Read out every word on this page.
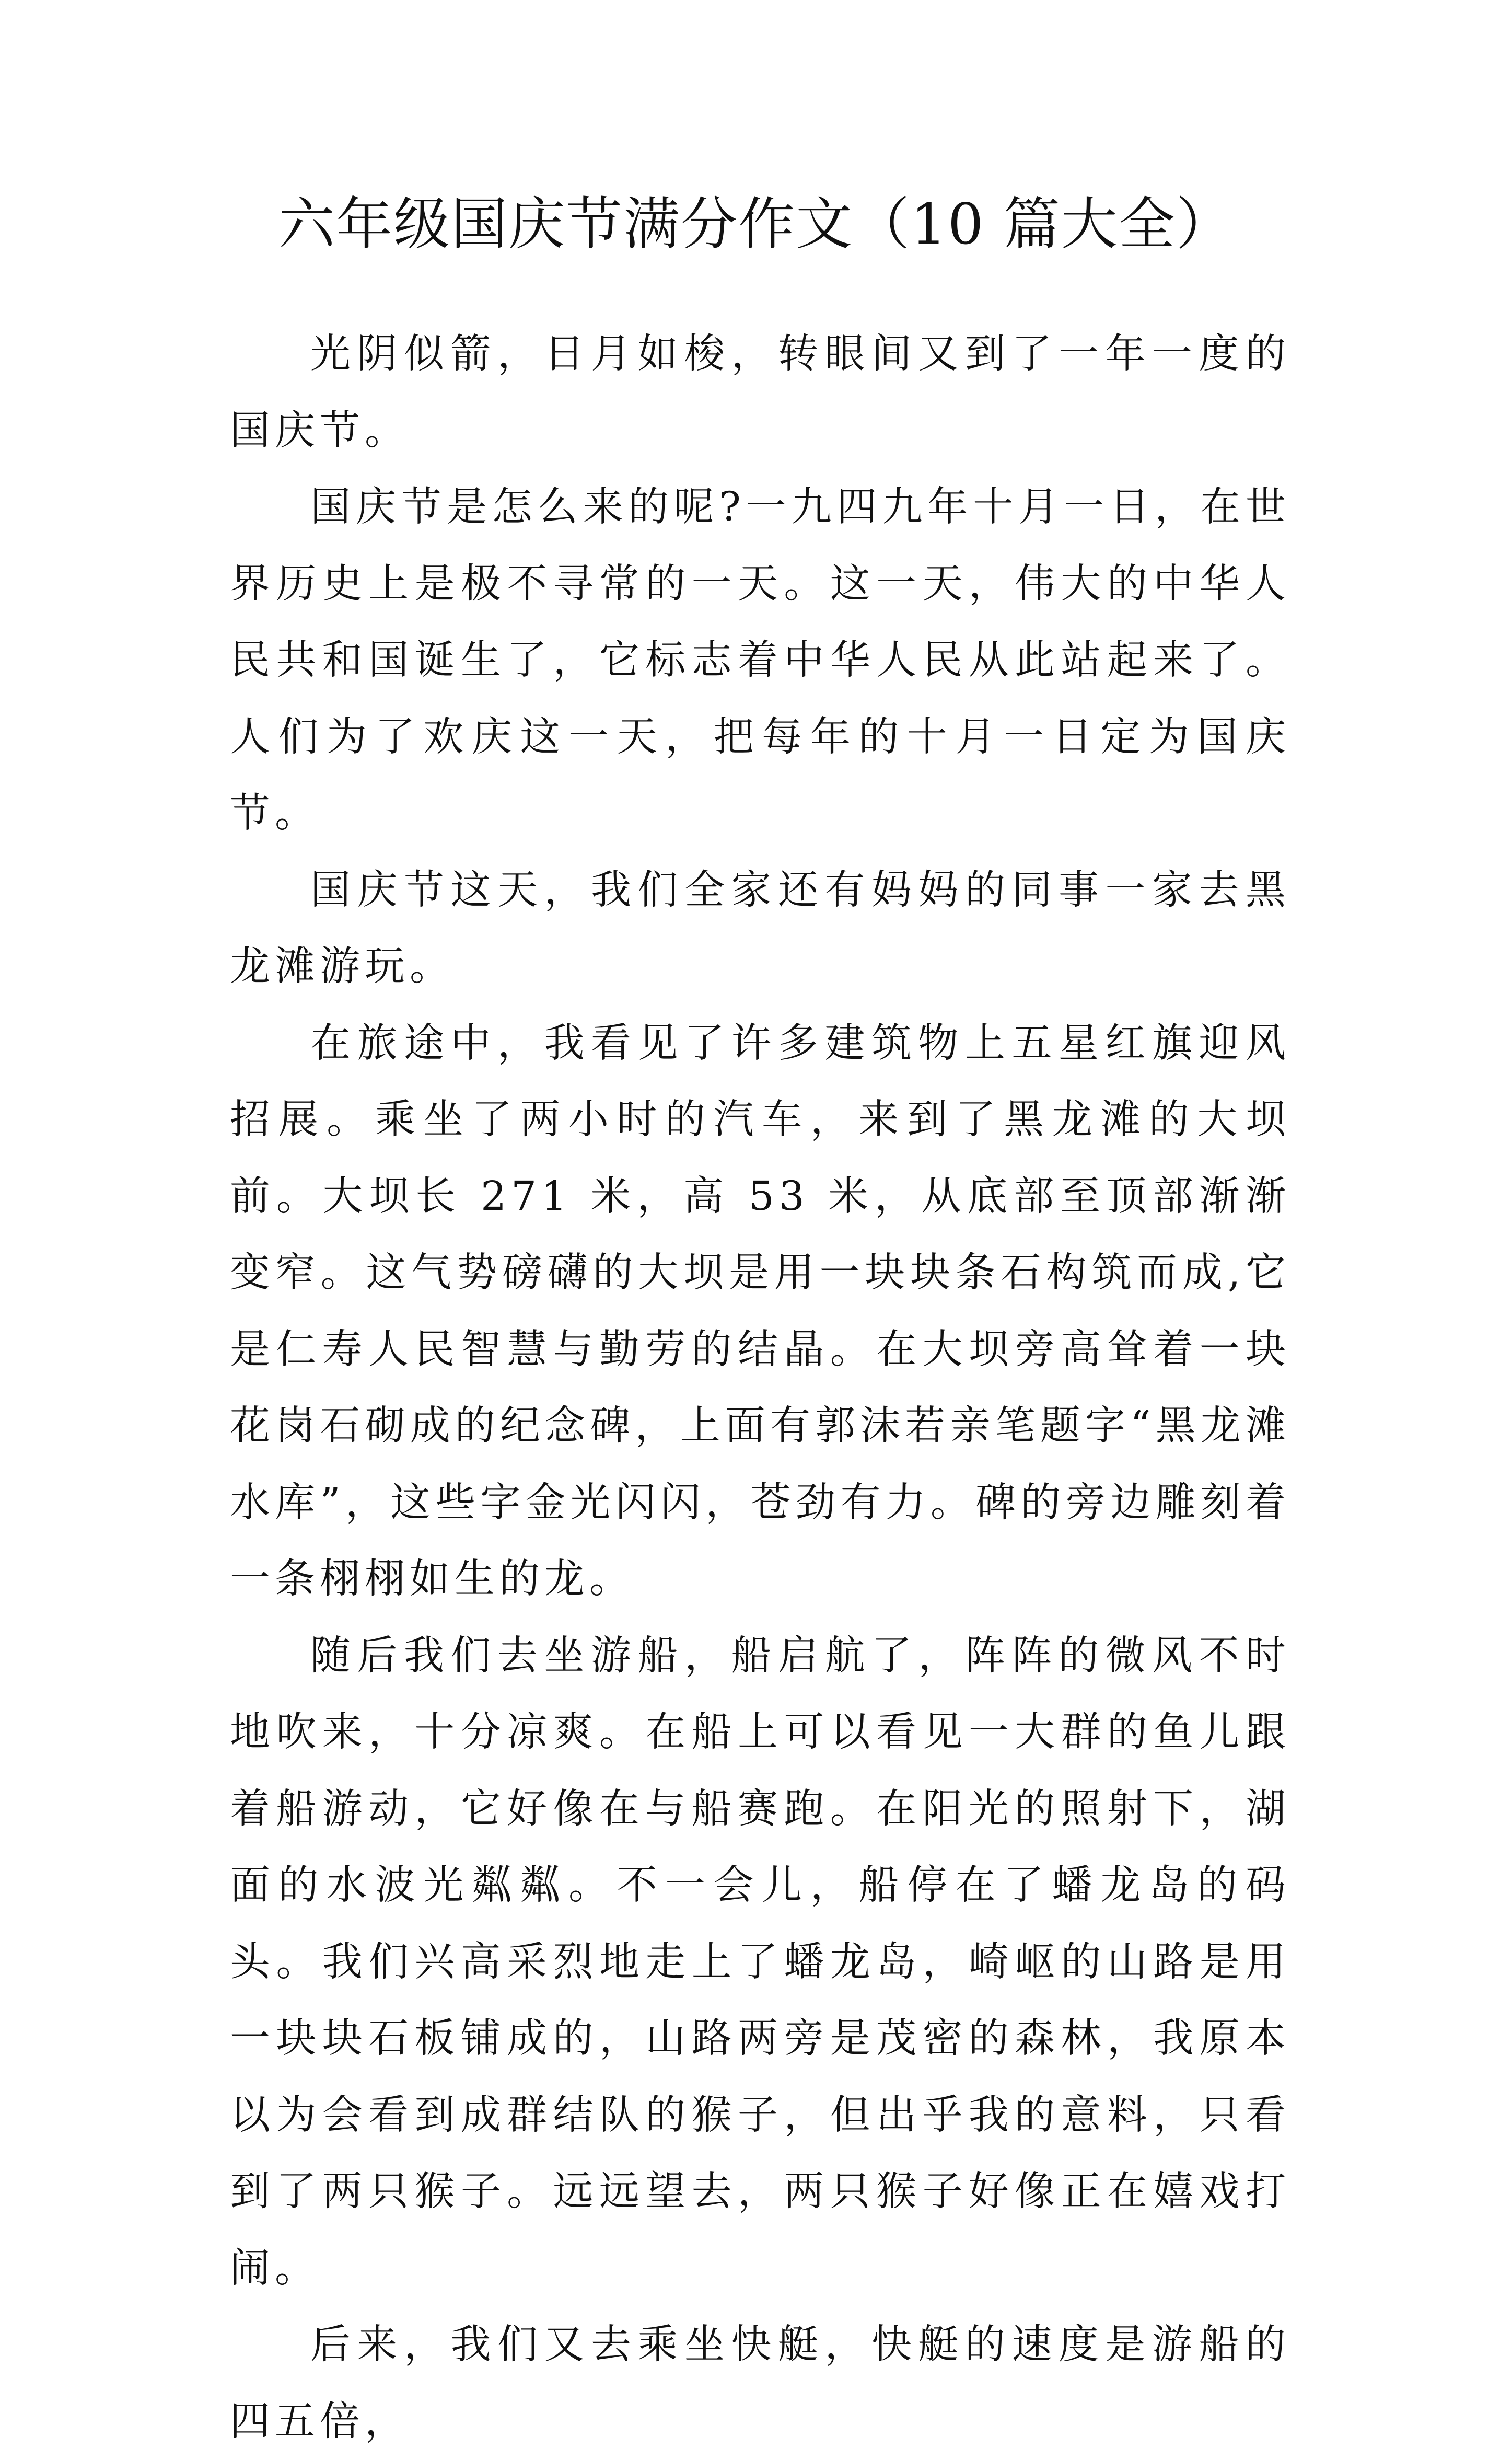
六年级国庆节满分作文（10 篇大全）

光阴似箭，日月如梭，转眼间又到了一年一度的国庆节。

国庆节是怎么来的呢?一九四九年十月一日，在世界历史上是极不寻常的一天。这一天，伟大的中华人民共和国诞生了，它标志着中华人民从此站起来了。人们为了欢庆这一天，把每年的十月一日定为国庆节。

国庆节这天，我们全家还有妈妈的同事一家去黑龙滩游玩。

在旅途中，我看见了许多建筑物上五星红旗迎风招展。乘坐了两小时的汽车，来到了黑龙滩的大坝前。大坝长 271 米，高 53 米，从底部至顶部渐渐变窄。这气势磅礴的大坝是用一块块条石构筑而成,它是仁寿人民智慧与勤劳的结晶。在大坝旁高耸着一块花岗石砌成的纪念碑，上面有郭沫若亲笔题字“黑龙滩水库”，这些字金光闪闪，苍劲有力。碑的旁边雕刻着一条栩栩如生的龙。

随后我们去坐游船，船启航了，阵阵的微风不时地吹来，十分凉爽。在船上可以看见一大群的鱼儿跟着船游动，它好像在与船赛跑。在阳光的照射下，湖面的水波光粼粼。不一会儿，船停在了蟠龙岛的码头。我们兴高采烈地走上了蟠龙岛，崎岖的山路是用一块块石板铺成的，山路两旁是茂密的森林，我原本以为会看到成群结队的猴子，但出乎我的意料，只看到了两只猴子。远远望去，两只猴子好像正在嬉戏打闹。

后来，我们又去乘坐快艇，快艇的速度是游船的四五倍，
